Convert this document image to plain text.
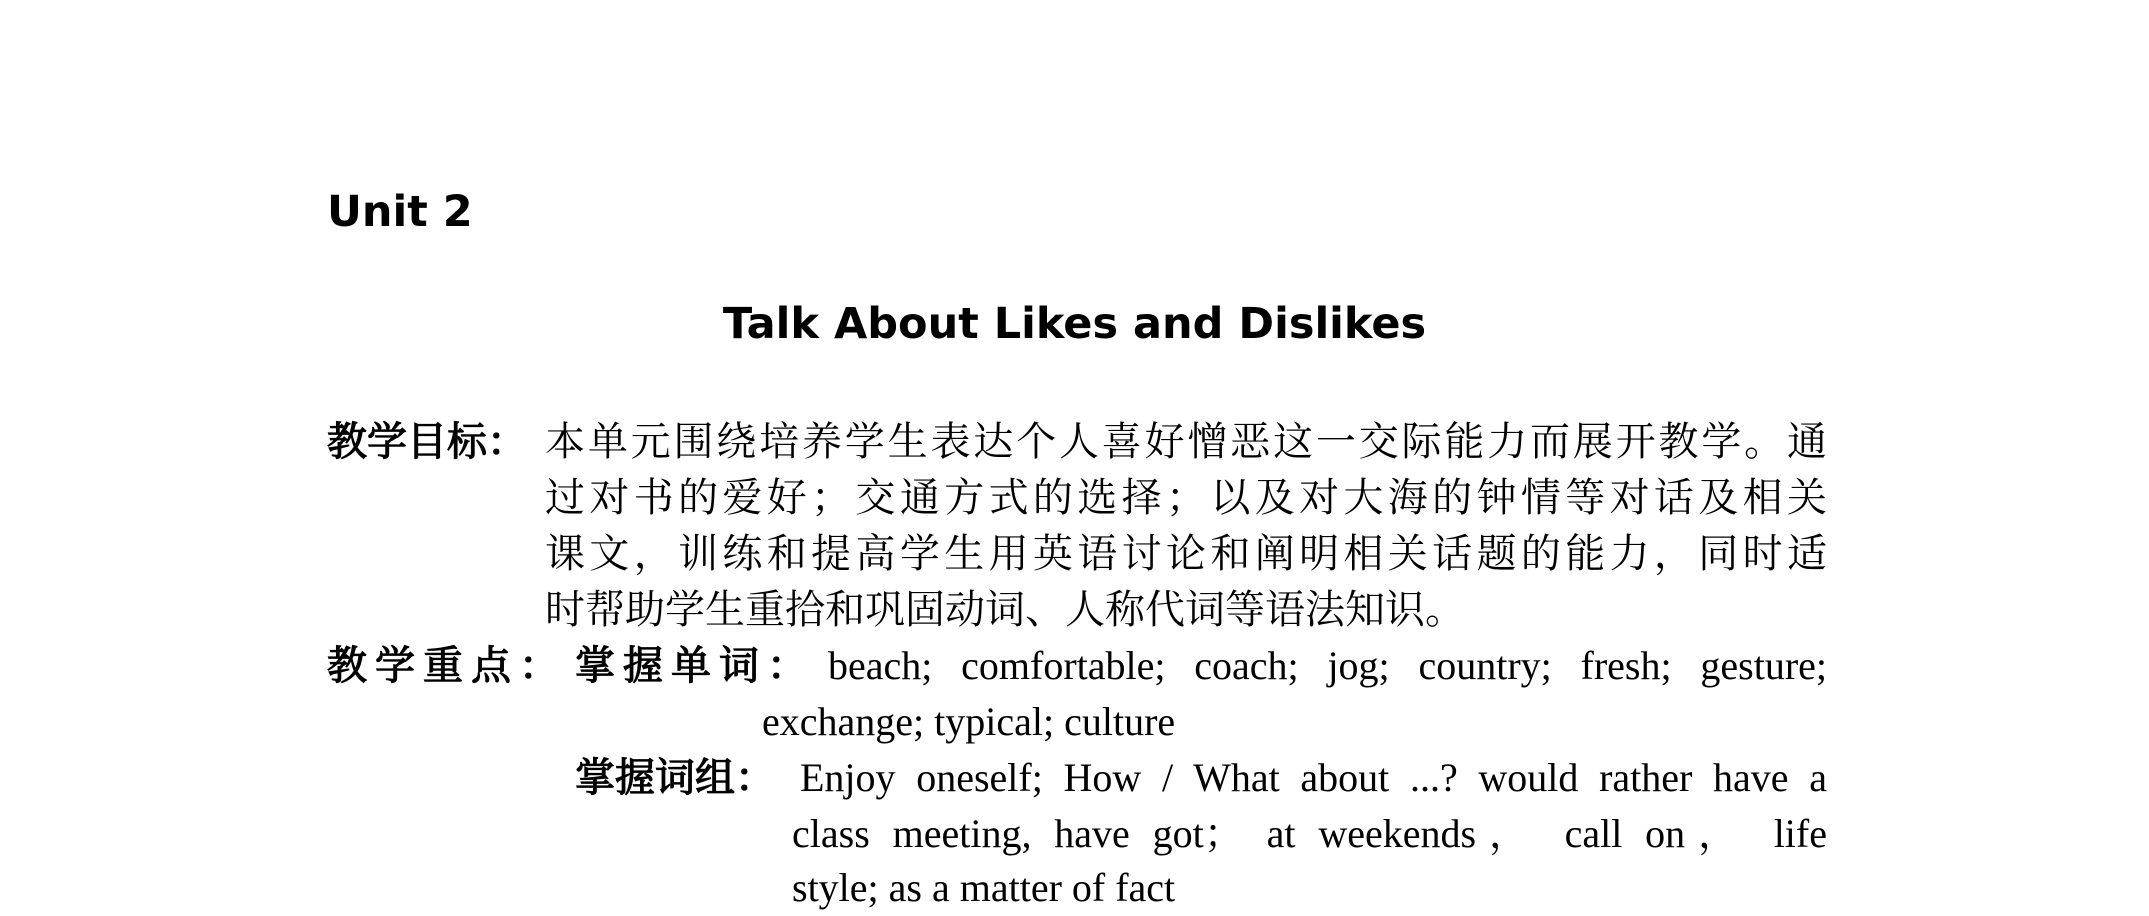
Unit 2
Talk About Likes and Dislikes
教学目标： 本单元围绕培养学生表达个人喜好憎恶这一交际能力而展开教学。通
过对书的爱好；交通方式的选择；以及对大海的钟情等对话及相关
课文，训练和提高学生用英语讨论和阐明相关话题的能力，同时适
时帮助学生重拾和巩固动词、人称代词等语法知识。
教学重点： 掌握单词： beach; comfortable; coach; jog; country; fresh; gesture;
exchange; typical; culture
掌握词组： Enjoy oneself; How / What about ...? would rather have a
class meeting, have got； at weekends， call on， life
style; as a matter of fact
